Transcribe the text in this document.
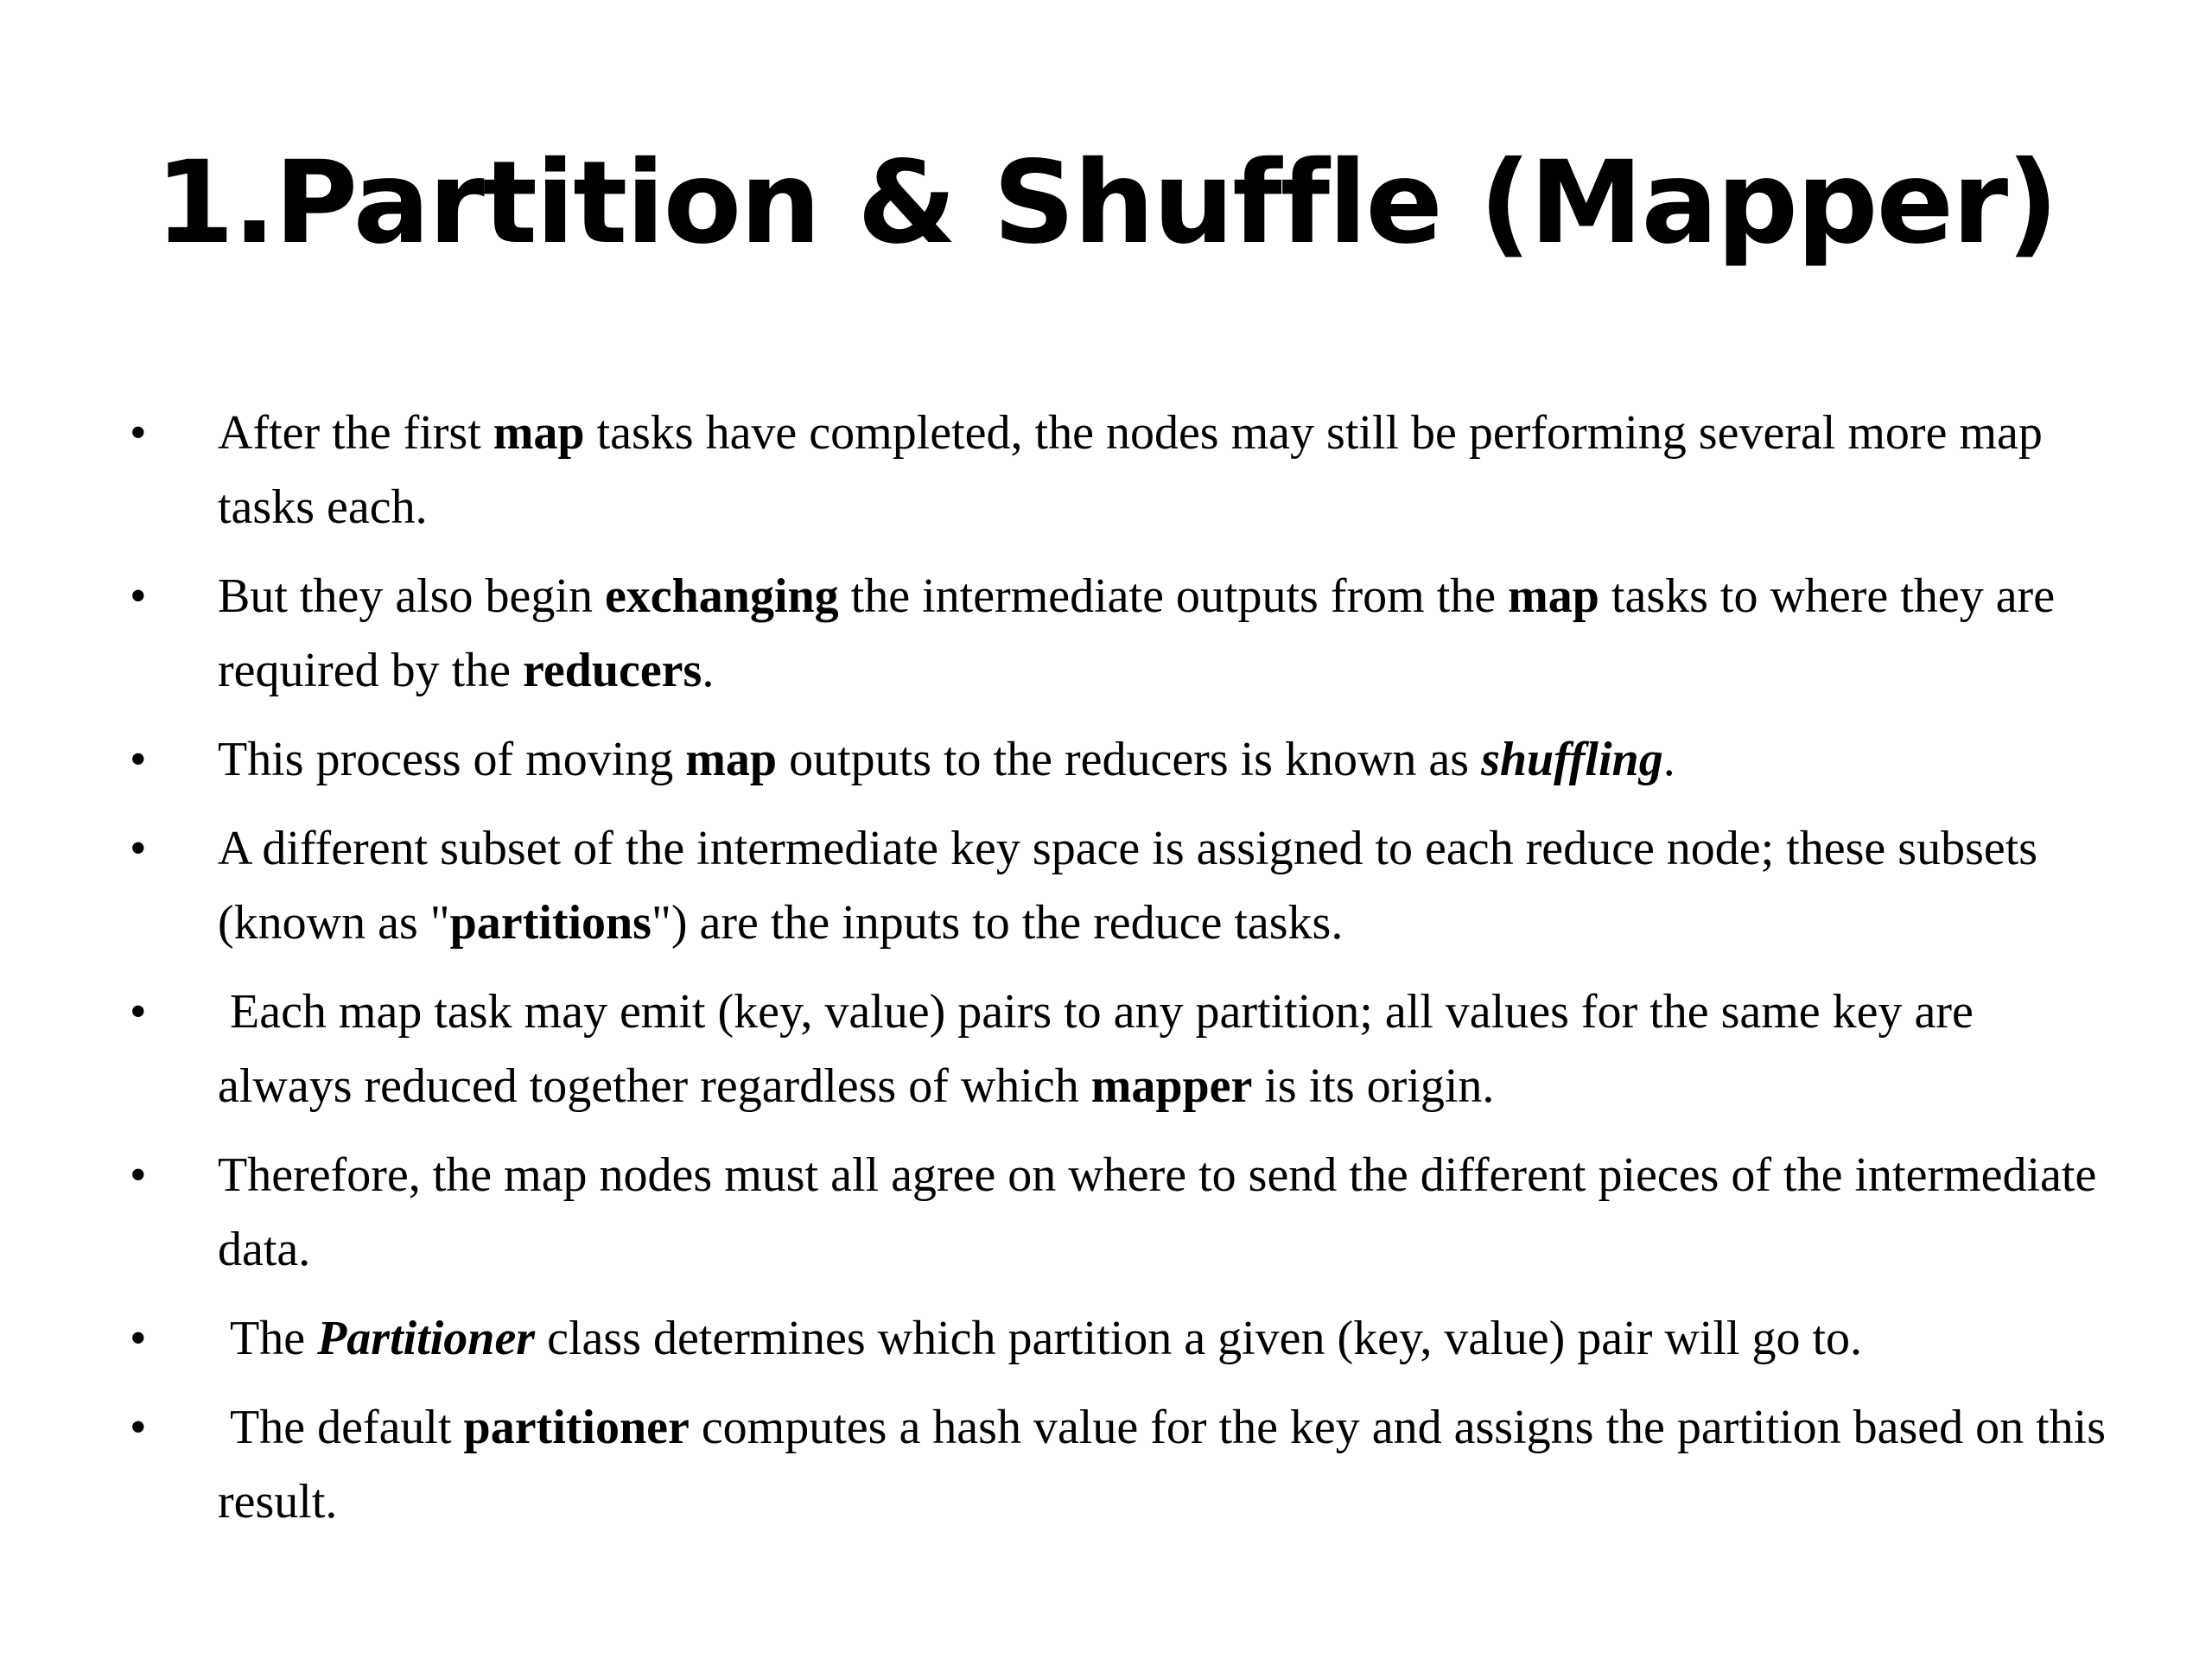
1.Partition & Shuffle (Mapper)
•	After the first map tasks have completed, the nodes may still be performing several more map tasks each.
•	But they also begin exchanging the intermediate outputs from the map tasks to where they are required by the reducers.
•	This process of moving map outputs to the reducers is known as shuffling.
•	A different subset of the intermediate key space is assigned to each reduce node; these subsets (known as "partitions") are the inputs to the reduce tasks.
•	Each map task may emit (key, value) pairs to any partition; all values for the same key are always reduced together regardless of which mapper is its origin.
•	Therefore, the map nodes must all agree on where to send the different pieces of the intermediate data.
•	The Partitioner class determines which partition a given (key, value) pair will go to.
•	The default partitioner computes a hash value for the key and assigns the partition based on this result.
